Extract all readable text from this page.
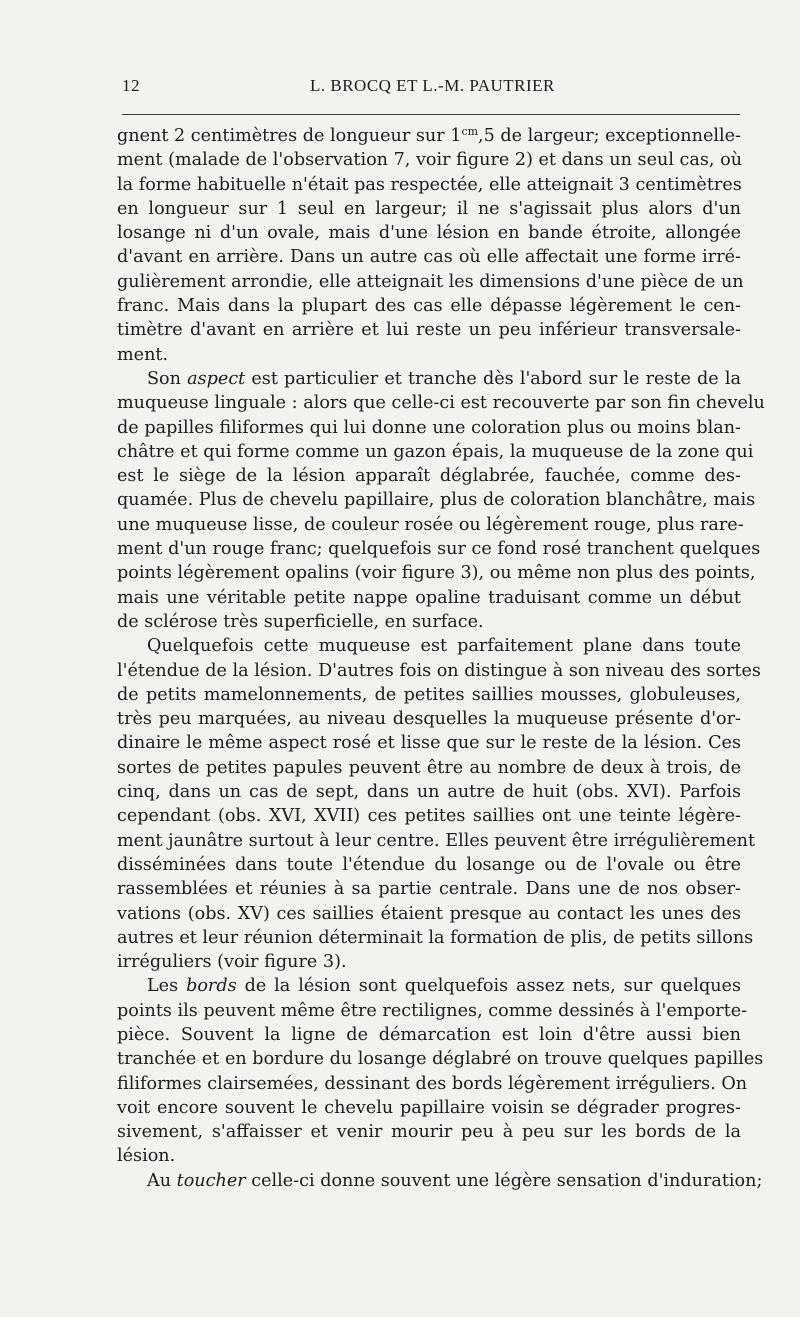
12	L. BROCQ ET L.-M. PAUTRIER
gnent 2 centimètres de longueur sur $1^{cm},5$ de largeur; exceptionnelle-
ment (malade de l'observation 7, voir figure 2) et dans un seul cas, où
la forme habituelle n'était pas respectée, elle atteignait 3 centimètres
en longueur sur 1 seul en largeur; il ne s'agissait plus alors d'un
losange ni d'un ovale, mais d'une lésion en bande étroite, allongée
d'avant en arrière. Dans un autre cas où elle affectait une forme irré-
gulièrement arrondie, elle atteignait les dimensions d'une pièce de un
franc. Mais dans la plupart des cas elle dépasse légèrement le cen-
timètre d'avant en arrière et lui reste un peu inférieur transversale-
ment.
Son aspect est particulier et tranche dès l'abord sur le reste de la
muqueuse linguale : alors que celle-ci est recouverte par son fin chevelu
de papilles filiformes qui lui donne une coloration plus ou moins blan-
châtre et qui forme comme un gazon épais, la muqueuse de la zone qui
est le siège de la lésion apparaît déglabrée, fauchée, comme des-
quamée. Plus de chevelu papillaire, plus de coloration blanchâtre, mais
une muqueuse lisse, de couleur rosée ou légèrement rouge, plus rare-
ment d'un rouge franc; quelquefois sur ce fond rosé tranchent quelques
points légèrement opalins (voir figure 3), ou même non plus des points,
mais une véritable petite nappe opaline traduisant comme un début
de sclérose très superficielle, en surface.
Quelquefois cette muqueuse est parfaitement plane dans toute
l'étendue de la lésion. D'autres fois on distingue à son niveau des sortes
de petits mamelonnements, de petites saillies mousses, globuleuses,
très peu marquées, au niveau desquelles la muqueuse présente d'or-
dinaire le même aspect rosé et lisse que sur le reste de la lésion. Ces
sortes de petites papules peuvent être au nombre de deux à trois, de
cinq, dans un cas de sept, dans un autre de huit (obs. XVI). Parfois
cependant (obs. XVI, XVII) ces petites saillies ont une teinte légère-
ment jaunâtre surtout à leur centre. Elles peuvent être irrégulièrement
disséminées dans toute l'étendue du losange ou de l'ovale ou être
rassemblées et réunies à sa partie centrale. Dans une de nos obser-
vations (obs. XV) ces saillies étaient presque au contact les unes des
autres et leur réunion déterminait la formation de plis, de petits sillons
irréguliers (voir figure 3).
Les bords de la lésion sont quelquefois assez nets, sur quelques
points ils peuvent même être rectilignes, comme dessinés à l'emporte-
pièce. Souvent la ligne de démarcation est loin d'être aussi bien
tranchée et en bordure du losange déglabré on trouve quelques papilles
filiformes clairsemées, dessinant des bords légèrement irréguliers. On
voit encore souvent le chevelu papillaire voisin se dégrader progres-
sivement, s'affaisser et venir mourir peu à peu sur les bords de la
lésion.
Au toucher celle-ci donne souvent une légère sensation d'induration;
